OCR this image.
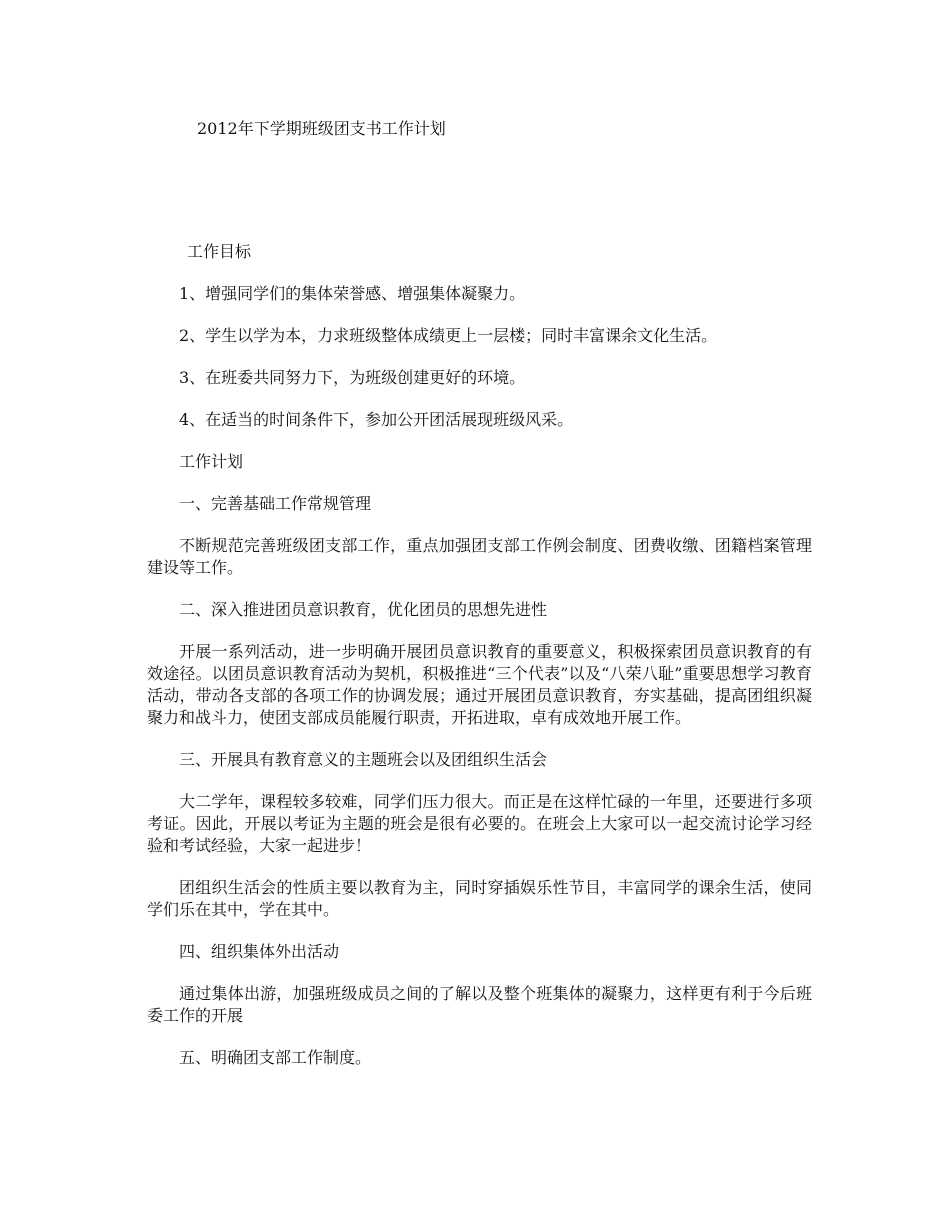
2012年下学期班级团支书工作计划

工作目标

1、增强同学们的集体荣誉感、增强集体凝聚力。

2、学生以学为本，力求班级整体成绩更上一层楼；同时丰富课余文化生活。

3、在班委共同努力下，为班级创建更好的环境。

4、在适当的时间条件下，参加公开团活展现班级风采。

工作计划

一、完善基础工作常规管理

不断规范完善班级团支部工作，重点加强团支部工作例会制度、团费收缴、团籍档案管理建设等工作。

二、深入推进团员意识教育，优化团员的思想先进性

开展一系列活动，进一步明确开展团员意识教育的重要意义，积极探索团员意识教育的有效途径。以团员意识教育活动为契机，积极推进“三个代表”以及“八荣八耻”重要思想学习教育活动，带动各支部的各项工作的协调发展；通过开展团员意识教育，夯实基础，提高团组织凝聚力和战斗力，使团支部成员能履行职责，开拓进取，卓有成效地开展工作。

三、开展具有教育意义的主题班会以及团组织生活会

大二学年，课程较多较难，同学们压力很大。而正是在这样忙碌的一年里，还要进行多项考证。因此，开展以考证为主题的班会是很有必要的。在班会上大家可以一起交流讨论学习经验和考试经验，大家一起进步！

团组织生活会的性质主要以教育为主，同时穿插娱乐性节目，丰富同学的课余生活，使同学们乐在其中，学在其中。

四、组织集体外出活动

通过集体出游，加强班级成员之间的了解以及整个班集体的凝聚力，这样更有利于今后班委工作的开展

五、明确团支部工作制度。
